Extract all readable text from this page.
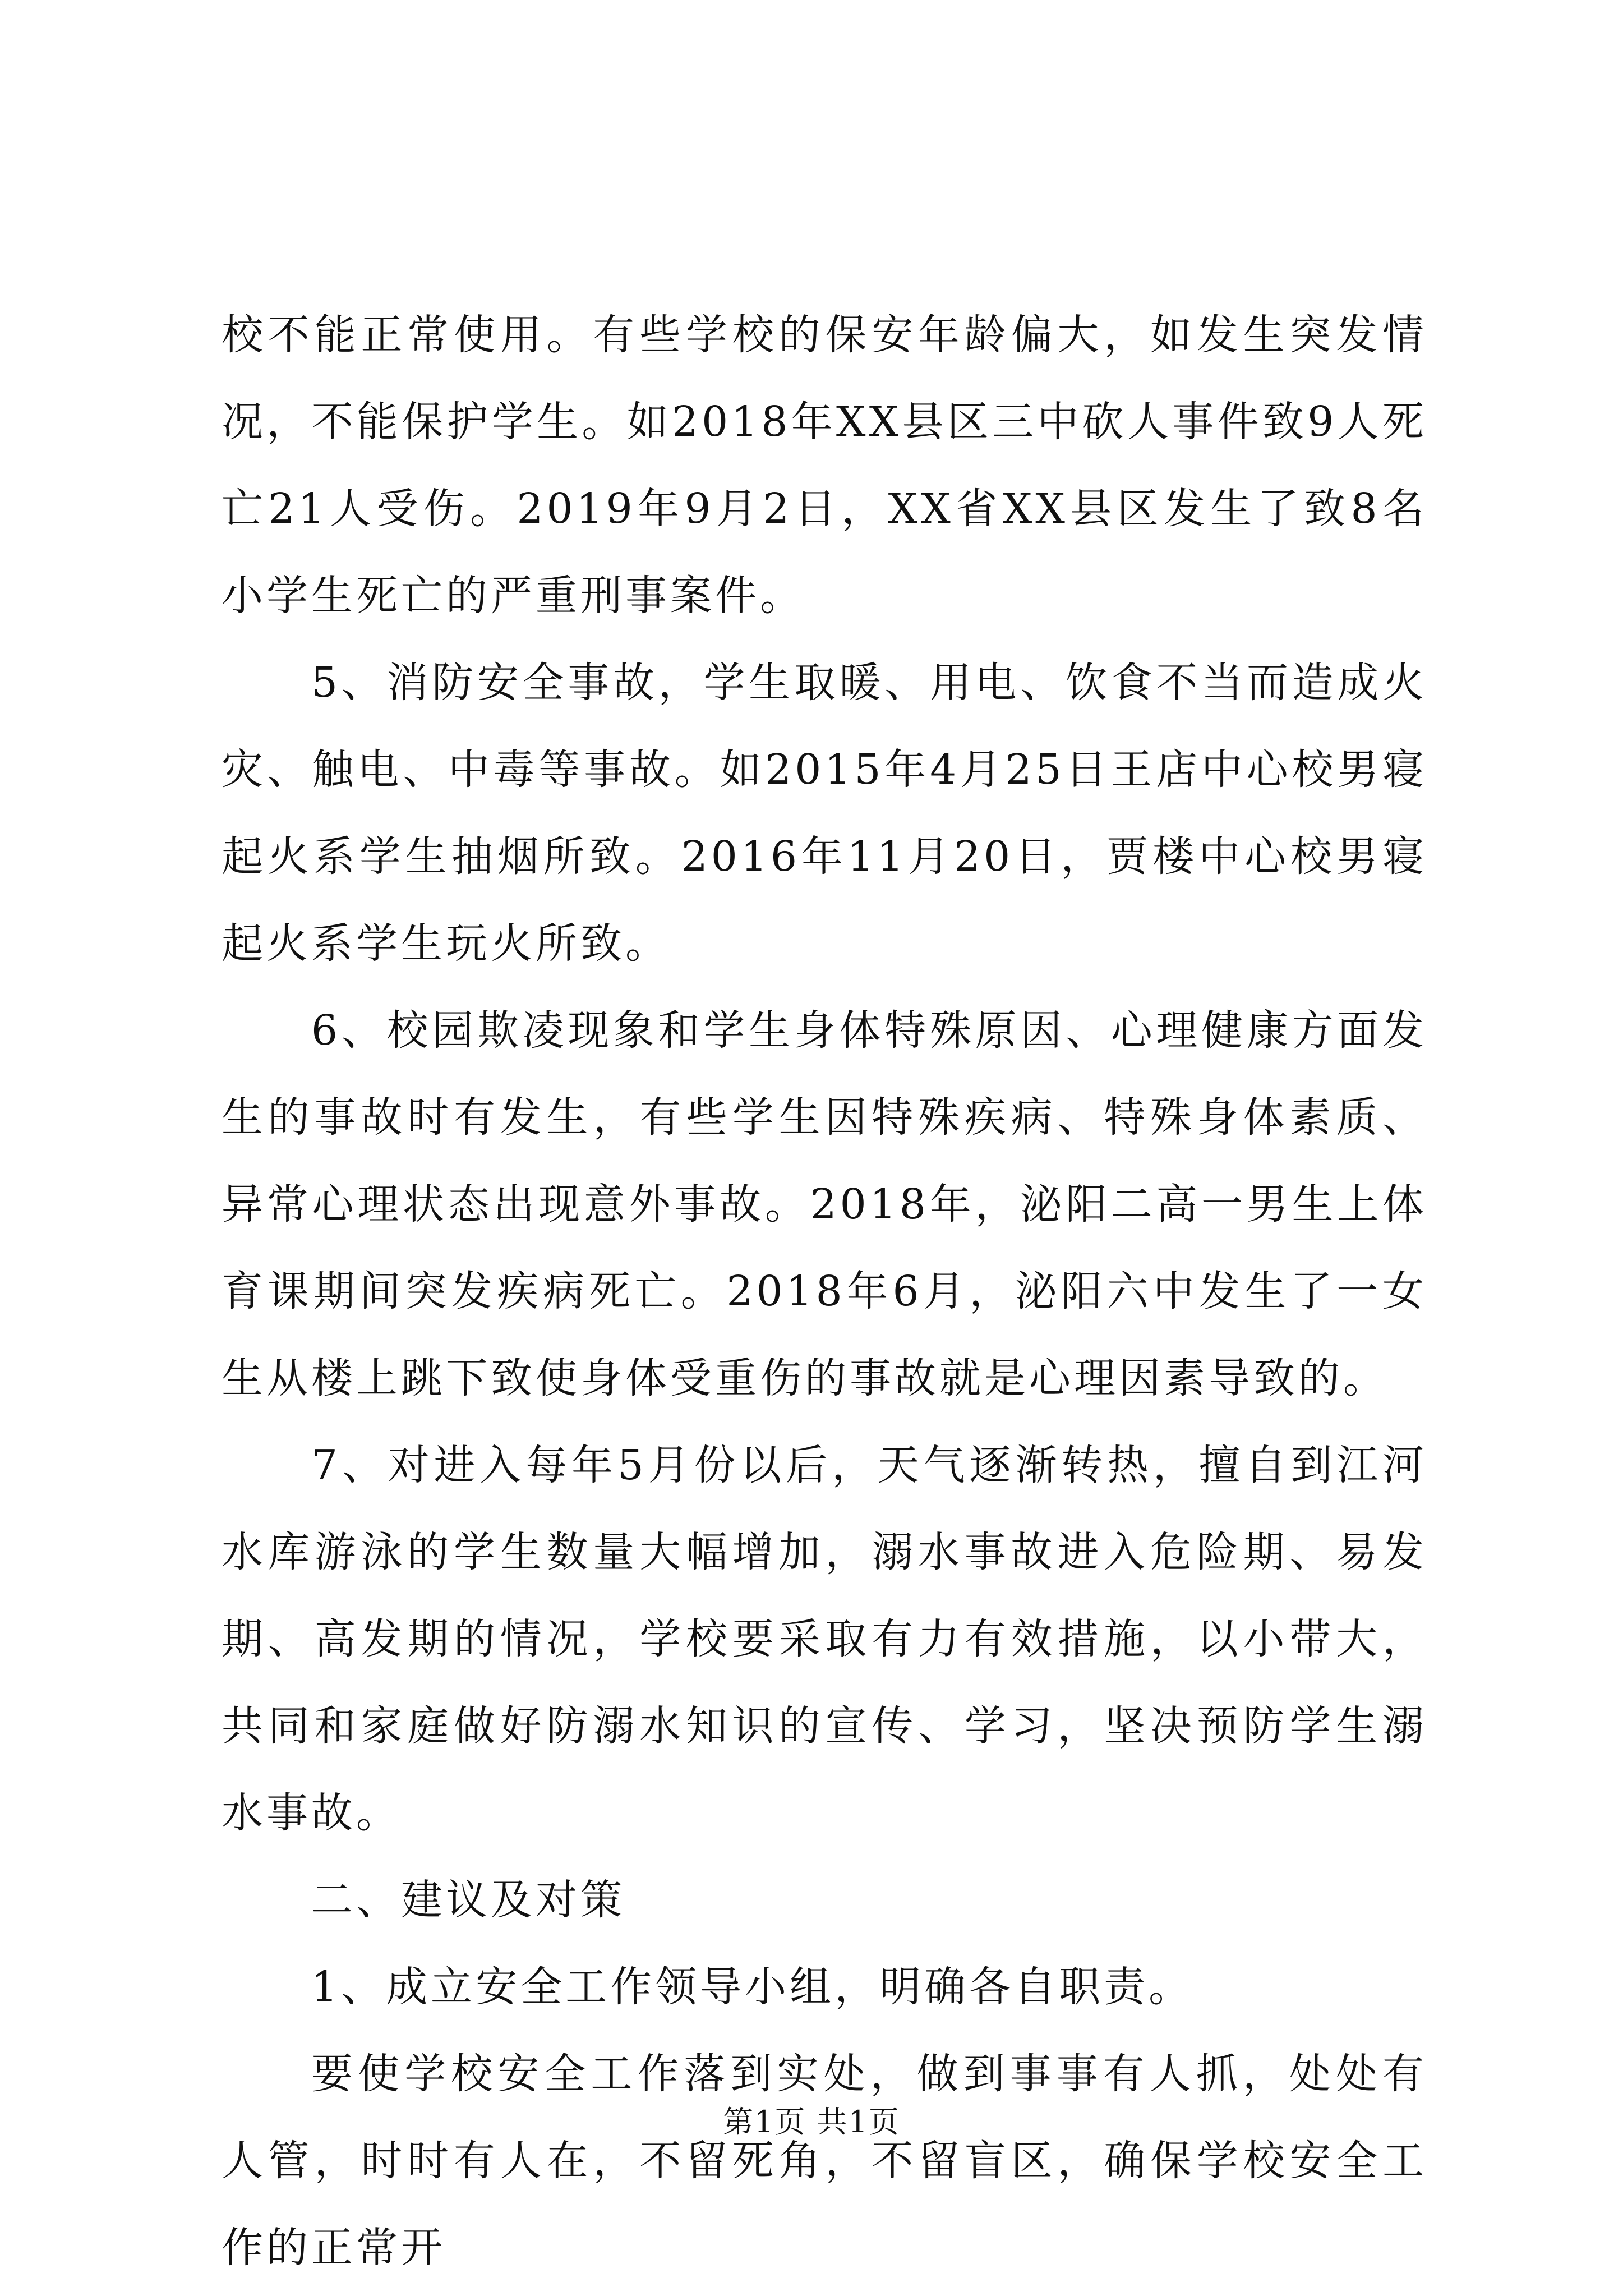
校不能正常使用。有些学校的保安年龄偏大，如发生突发情况，不能保护学生。如2018年XX县区三中砍人事件致9人死亡21人受伤。2019年9月2日，XX省XX县区发生了致8名小学生死亡的严重刑事案件。

5、消防安全事故，学生取暖、用电、饮食不当而造成火灾、触电、中毒等事故。如2015年4月25日王店中心校男寝起火系学生抽烟所致。2016年11月20日，贾楼中心校男寝起火系学生玩火所致。

6、校园欺凌现象和学生身体特殊原因、心理健康方面发生的事故时有发生，有些学生因特殊疾病、特殊身体素质、异常心理状态出现意外事故。2018年，泌阳二高一男生上体育课期间突发疾病死亡。2018年6月，泌阳六中发生了一女生从楼上跳下致使身体受重伤的事故就是心理因素导致的。

7、对进入每年5月份以后，天气逐渐转热，擅自到江河水库游泳的学生数量大幅增加，溺水事故进入危险期、易发期、高发期的情况，学校要采取有力有效措施，以小带大，共同和家庭做好防溺水知识的宣传、学习，坚决预防学生溺水事故。

二、建议及对策

1、成立安全工作领导小组，明确各自职责。

要使学校安全工作落到实处，做到事事有人抓，处处有人管，时时有人在，不留死角，不留盲区，确保学校安全工作的正常开

第1页 共1页
